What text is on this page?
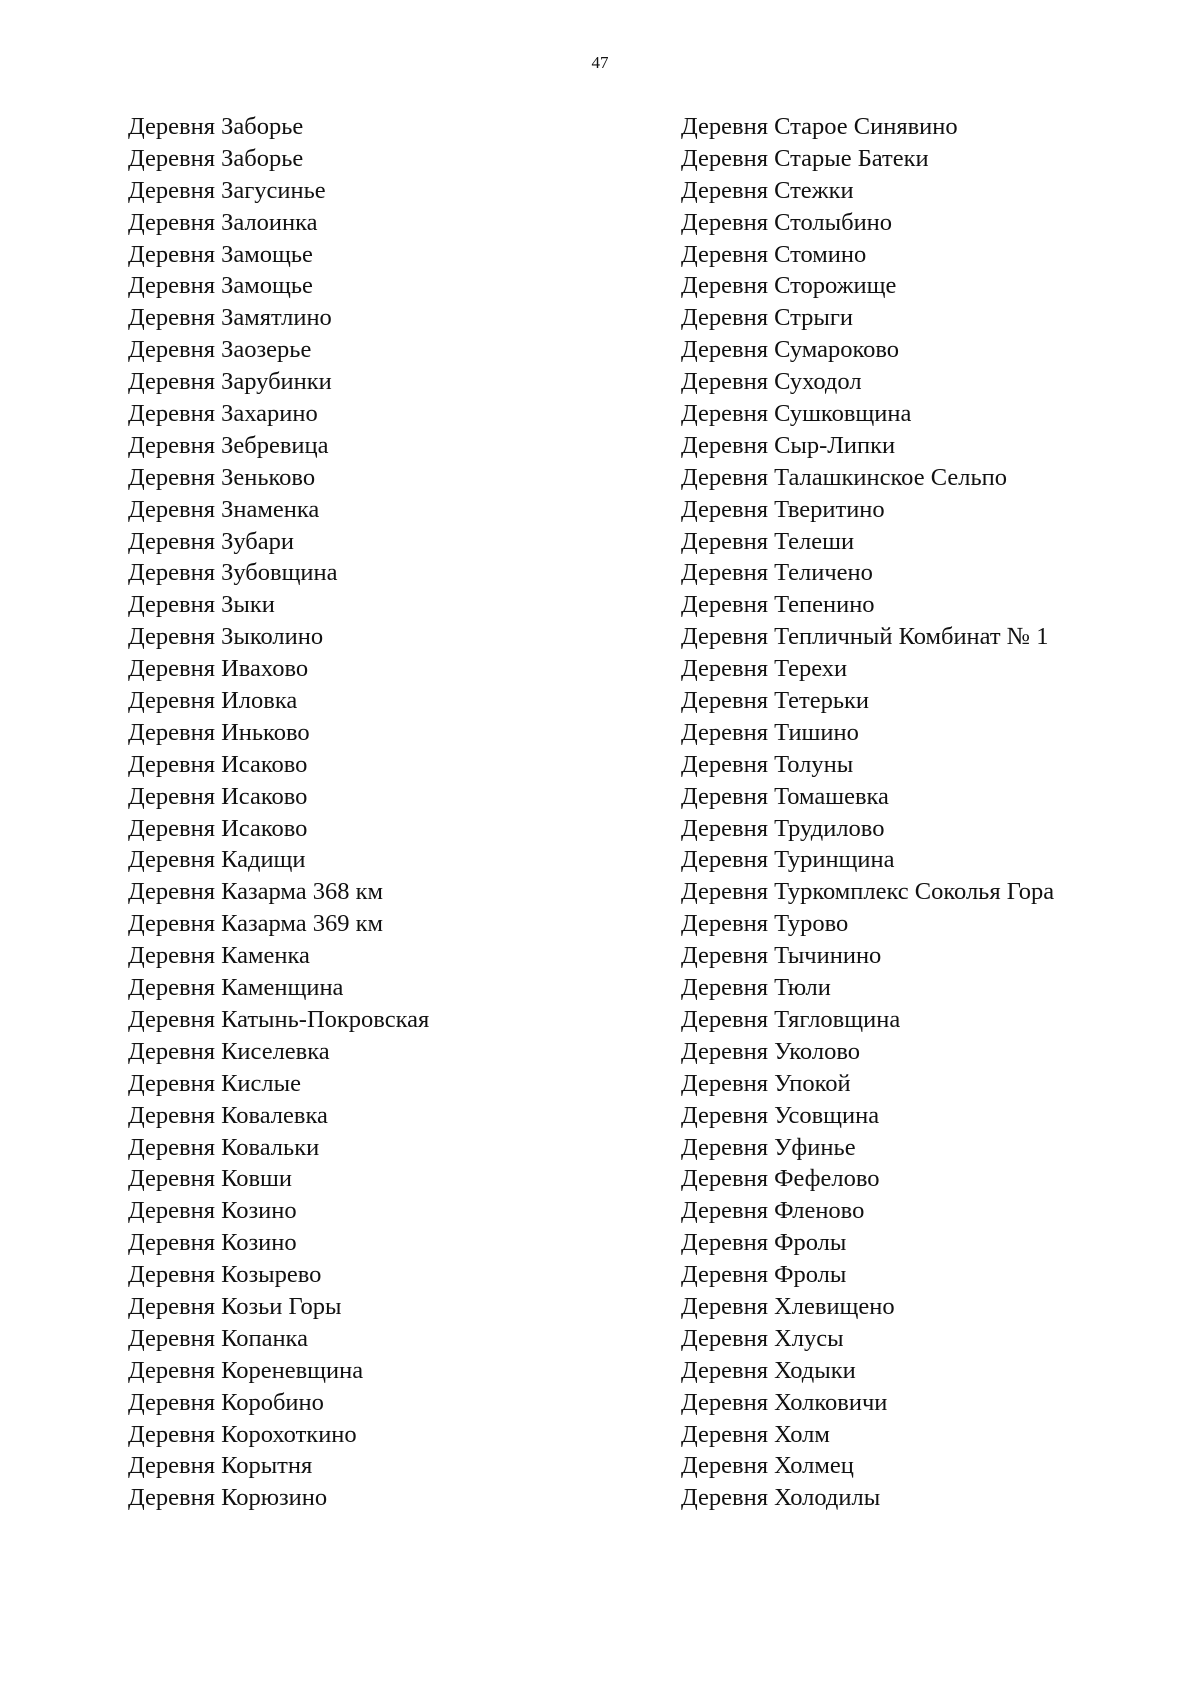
47
Деревня Заборье
Деревня Заборье
Деревня Загусинье
Деревня Залоинка
Деревня Замощье
Деревня Замощье
Деревня Замятлино
Деревня Заозерье
Деревня Зарубинки
Деревня Захарино
Деревня Зебревица
Деревня Зеньково
Деревня Знаменка
Деревня Зубари
Деревня Зубовщина
Деревня Зыки
Деревня Зыколино
Деревня Ивахово
Деревня Иловка
Деревня Иньково
Деревня Исаково
Деревня Исаково
Деревня Исаково
Деревня Кадищи
Деревня Казарма 368 км
Деревня Казарма 369 км
Деревня Каменка
Деревня Каменщина
Деревня Катынь-Покровская
Деревня Киселевка
Деревня Кислые
Деревня Ковалевка
Деревня Ковальки
Деревня Ковши
Деревня Козино
Деревня Козино
Деревня Козырево
Деревня Козьи Горы
Деревня Копанка
Деревня Кореневщина
Деревня Коробино
Деревня Корохоткино
Деревня Корытня
Деревня Корюзино
Деревня Старое Синявино
Деревня Старые Батеки
Деревня Стежки
Деревня Столыбино
Деревня Стомино
Деревня Сторожище
Деревня Стрыги
Деревня Сумароково
Деревня Суходол
Деревня Сушковщина
Деревня Сыр-Липки
Деревня Талашкинское Сельпо
Деревня Тверитино
Деревня Телеши
Деревня Теличено
Деревня Тепенино
Деревня Тепличный Комбинат № 1
Деревня Терехи
Деревня Тетерьки
Деревня Тишино
Деревня Толуны
Деревня Томашевка
Деревня Трудилово
Деревня Туринщина
Деревня Туркомплекс Соколья Гора
Деревня Турово
Деревня Тычинино
Деревня Тюли
Деревня Тягловщина
Деревня Уколово
Деревня Упокой
Деревня Усовщина
Деревня Уфинье
Деревня Фефелово
Деревня Фленово
Деревня Фролы
Деревня Фролы
Деревня Хлевищено
Деревня Хлусы
Деревня Ходыки
Деревня Холковичи
Деревня Холм
Деревня Холмец
Деревня Холодилы
